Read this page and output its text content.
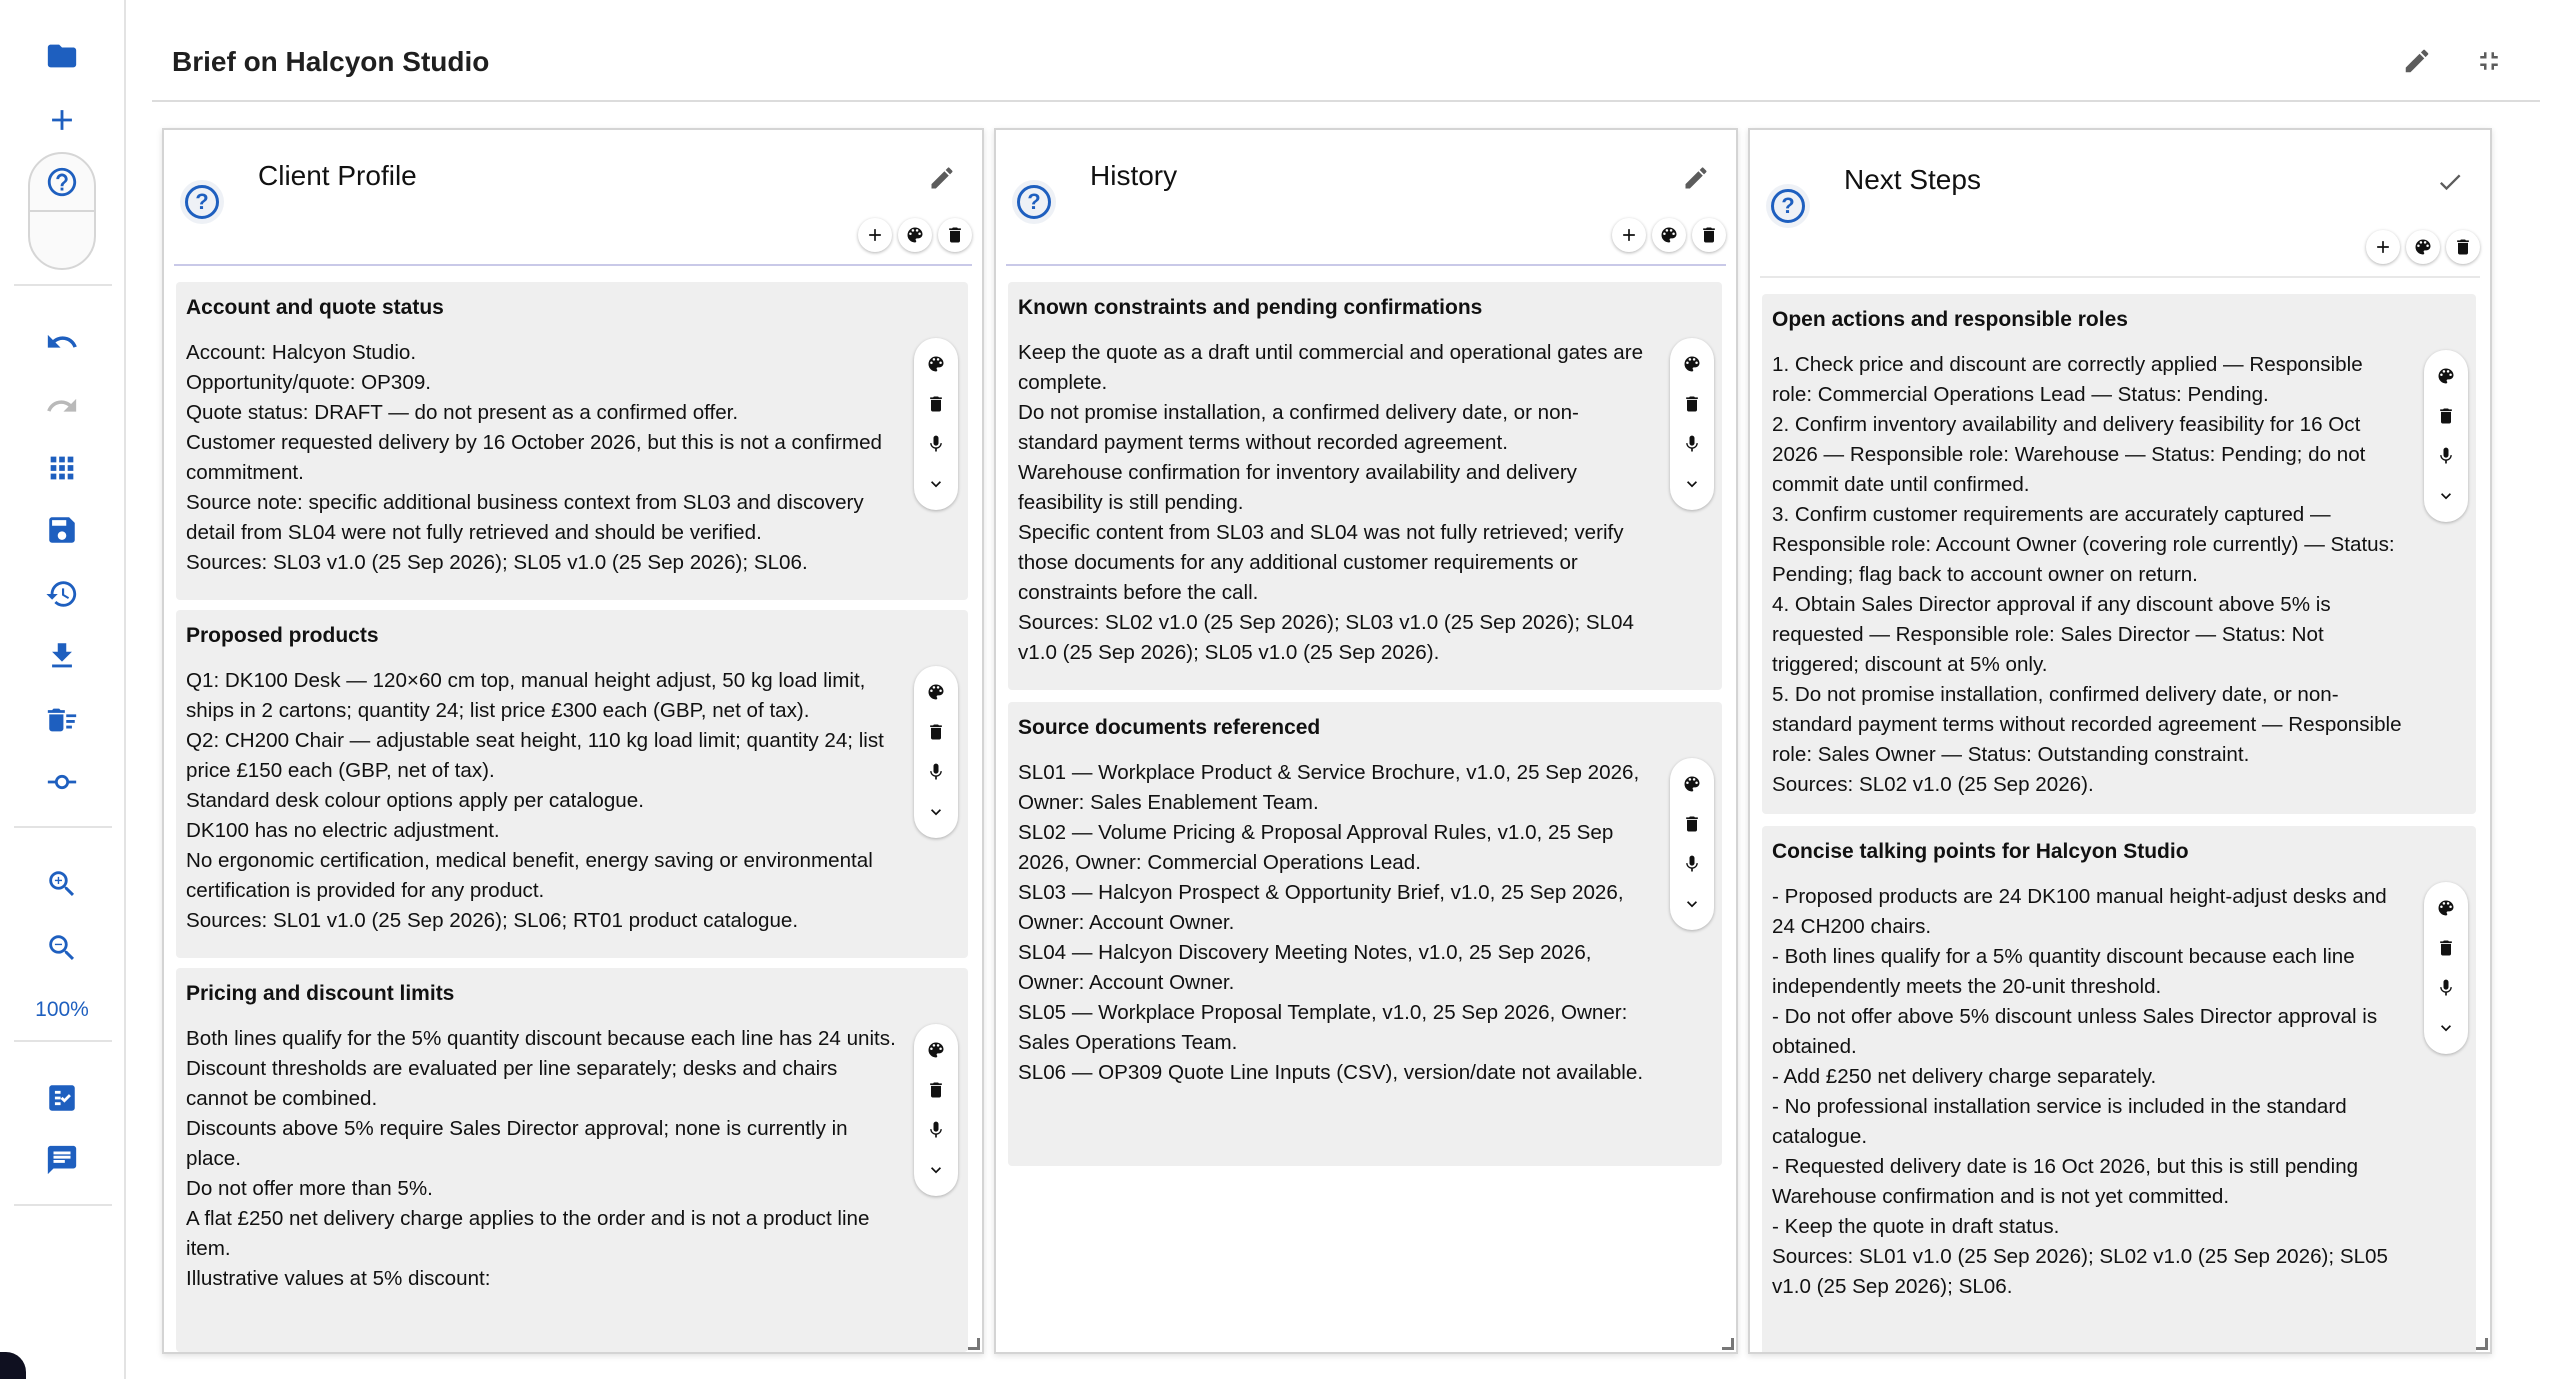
100%
Brief on Halcyon Studio
?
Client Profile
Account and quote status

Account: Halcyon Studio.

Opportunity/quote: OP309.

Quote status: DRAFT — do not present as a confirmed offer.

Customer requested delivery by 16 October 2026, but this is not a confirmed commitment.

Source note: specific additional business context from SL03 and discovery detail from SL04 were not fully retrieved and should be verified.

Sources: SL03 v1.0 (25 Sep 2026); SL05 v1.0 (25 Sep 2026); SL06.

Proposed products

Q1: DK100 Desk — 120×60 cm top, manual height adjust, 50 kg load limit, ships in 2 cartons; quantity 24; list price £300 each (GBP, net of tax).

Q2: CH200 Chair — adjustable seat height, 110 kg load limit; quantity 24; list price £150 each (GBP, net of tax).

Standard desk colour options apply per catalogue.

DK100 has no electric adjustment.

No ergonomic certification, medical benefit, energy saving or environmental certification is provided for any product.

Sources: SL01 v1.0 (25 Sep 2026); SL06; RT01 product catalogue.

Pricing and discount limits

Both lines qualify for the 5% quantity discount because each line has 24 units.

Discount thresholds are evaluated per line separately; desks and chairs cannot be combined.

Discounts above 5% require Sales Director approval; none is currently in place.

Do not offer more than 5%.

A flat £250 net delivery charge applies to the order and is not a product line item.

Illustrative values at 5% discount:

?
History
Known constraints and pending confirmations

Keep the quote as a draft until commercial and operational gates are complete.

Do not promise installation, a confirmed delivery date, or non-standard payment terms without recorded agreement.

Warehouse confirmation for inventory availability and delivery feasibility is still pending.

Specific content from SL03 and SL04 was not fully retrieved; verify those documents for any additional customer requirements or constraints before the call.

Sources: SL02 v1.0 (25 Sep 2026); SL03 v1.0 (25 Sep 2026); SL04 v1.0 (25 Sep 2026); SL05 v1.0 (25 Sep 2026).

Source documents referenced

SL01 — Workplace Product & Service Brochure, v1.0, 25 Sep 2026, Owner: Sales Enablement Team.

SL02 — Volume Pricing & Proposal Approval Rules, v1.0, 25 Sep 2026, Owner: Commercial Operations Lead.

SL03 — Halcyon Prospect & Opportunity Brief, v1.0, 25 Sep 2026, Owner: Account Owner.

SL04 — Halcyon Discovery Meeting Notes, v1.0, 25 Sep 2026, Owner: Account Owner.

SL05 — Workplace Proposal Template, v1.0, 25 Sep 2026, Owner: Sales Operations Team.

SL06 — OP309 Quote Line Inputs (CSV), version/date not available.

?
Next Steps
Open actions and responsible roles

1. Check price and discount are correctly applied — Responsible role: Commercial Operations Lead — Status: Pending.

2. Confirm inventory availability and delivery feasibility for 16 Oct 2026 — Responsible role: Warehouse — Status: Pending; do not commit date until confirmed.

3. Confirm customer requirements are accurately captured — Responsible role: Account Owner (covering role currently) — Status: Pending; flag back to account owner on return.

4. Obtain Sales Director approval if any discount above 5% is requested — Responsible role: Sales Director — Status: Not triggered; discount at 5% only.

5. Do not promise installation, confirmed delivery date, or non-standard payment terms without recorded agreement — Responsible role: Sales Owner — Status: Outstanding constraint.

Sources: SL02 v1.0 (25 Sep 2026).

Concise talking points for Halcyon Studio

- Proposed products are 24 DK100 manual height-adjust desks and 24 CH200 chairs.

- Both lines qualify for a 5% quantity discount because each line independently meets the 20-unit threshold.

- Do not offer above 5% discount unless Sales Director approval is obtained.

- Add £250 net delivery charge separately.

- No professional installation service is included in the standard catalogue.

- Requested delivery date is 16 Oct 2026, but this is still pending Warehouse confirmation and is not yet committed.

- Keep the quote in draft status.

Sources: SL01 v1.0 (25 Sep 2026); SL02 v1.0 (25 Sep 2026); SL05 v1.0 (25 Sep 2026); SL06.
